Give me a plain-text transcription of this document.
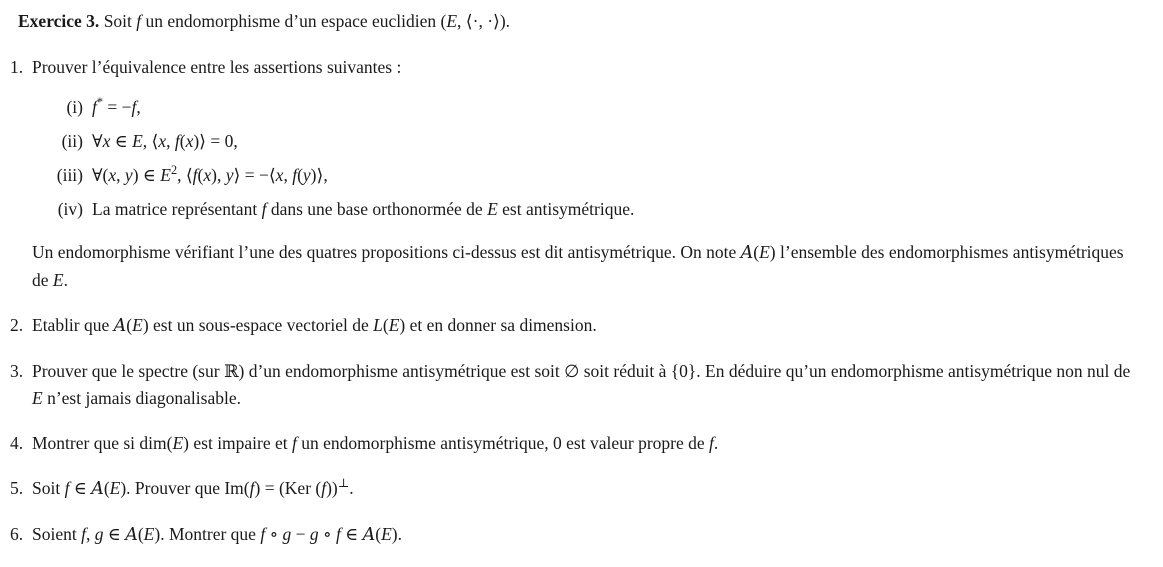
Exercice 3. Soit f un endomorphisme d’un espace euclidien (E, ⟨·, ·⟩).

1. Prouver l’équivalence entre les assertions suivantes :

(i) f* = −f,
(ii) ∀x ∈ E, ⟨x, f(x)⟩ = 0,
(iii) ∀(x, y) ∈ $E^2$, ⟨f(x), y⟩ = −⟨x, f(y)⟩,
(iv) La matrice représentant f dans une base orthonormée de E est antisymétrique.

Un endomorphisme vérifiant l’une des quatres propositions ci-dessus est dit antisymétrique. On note A(E) l’ensemble des endomorphismes antisymétriques de E.

2. Etablir que A(E) est un sous-espace vectoriel de L(E) et en donner sa dimension.

3. Prouver que le spectre (sur ℝ) d’un endomorphisme antisymétrique est soit ∅ soit réduit à {0}. En déduire qu’un endomorphisme antisymétrique non nul de E n’est jamais diagonalisable.

4. Montrer que si dim(E) est impaire et f un endomorphisme antisymétrique, 0 est valeur propre de f.

5. Soit f ∈ A(E). Prouver que Im(f) = (Ker (f))⊥.

6. Soient f, g ∈ A(E). Montrer que f ∘ g − g ∘ f ∈ A(E).
